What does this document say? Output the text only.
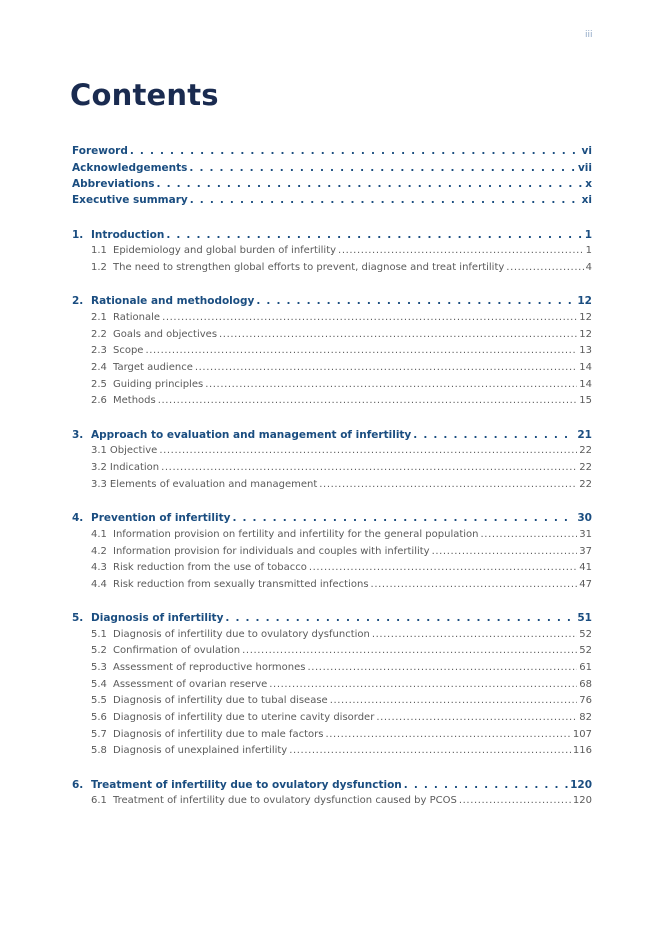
iii
Contents
Foreword . . .	vi
Acknowledgements . . .	vii
Abbreviations . . .	x
Executive summary . . .	xi
1. Introduction . . .	1
1.1 Epidemiology and global burden of infertility .....	1
1.2 The need to strengthen global efforts to prevent, diagnose and treat infertility .....	4
2. Rationale and methodology . . .	12
2.1 Rationale .....	12
2.2 Goals and objectives .....	12
2.3 Scope .....	13
2.4 Target audience .....	14
2.5 Guiding principles .....	14
2.6 Methods .....	15
3. Approach to evaluation and management of infertility . . .	21
3.1 Objective .....	22
3.2 Indication .....	22
3.3 Elements of evaluation and management .....	22
4. Prevention of infertility . . .	30
4.1 Information provision on fertility and infertility for the general population .....	31
4.2 Information provision for individuals and couples with infertility .....	37
4.3 Risk reduction from the use of tobacco .....	41
4.4 Risk reduction from sexually transmitted infections .....	47
5. Diagnosis of infertility . . .	51
5.1 Diagnosis of infertility due to ovulatory dysfunction .....	52
5.2 Confirmation of ovulation .....	52
5.3 Assessment of reproductive hormones .....	61
5.4 Assessment of ovarian reserve .....	68
5.5 Diagnosis of infertility due to tubal disease .....	76
5.6 Diagnosis of infertility due to uterine cavity disorder .....	82
5.7 Diagnosis of infertility due to male factors .....	107
5.8 Diagnosis of unexplained infertility .....	116
6. Treatment of infertility due to ovulatory dysfunction . . .	120
6.1 Treatment of infertility due to ovulatory dysfunction caused by PCOS .....	120
